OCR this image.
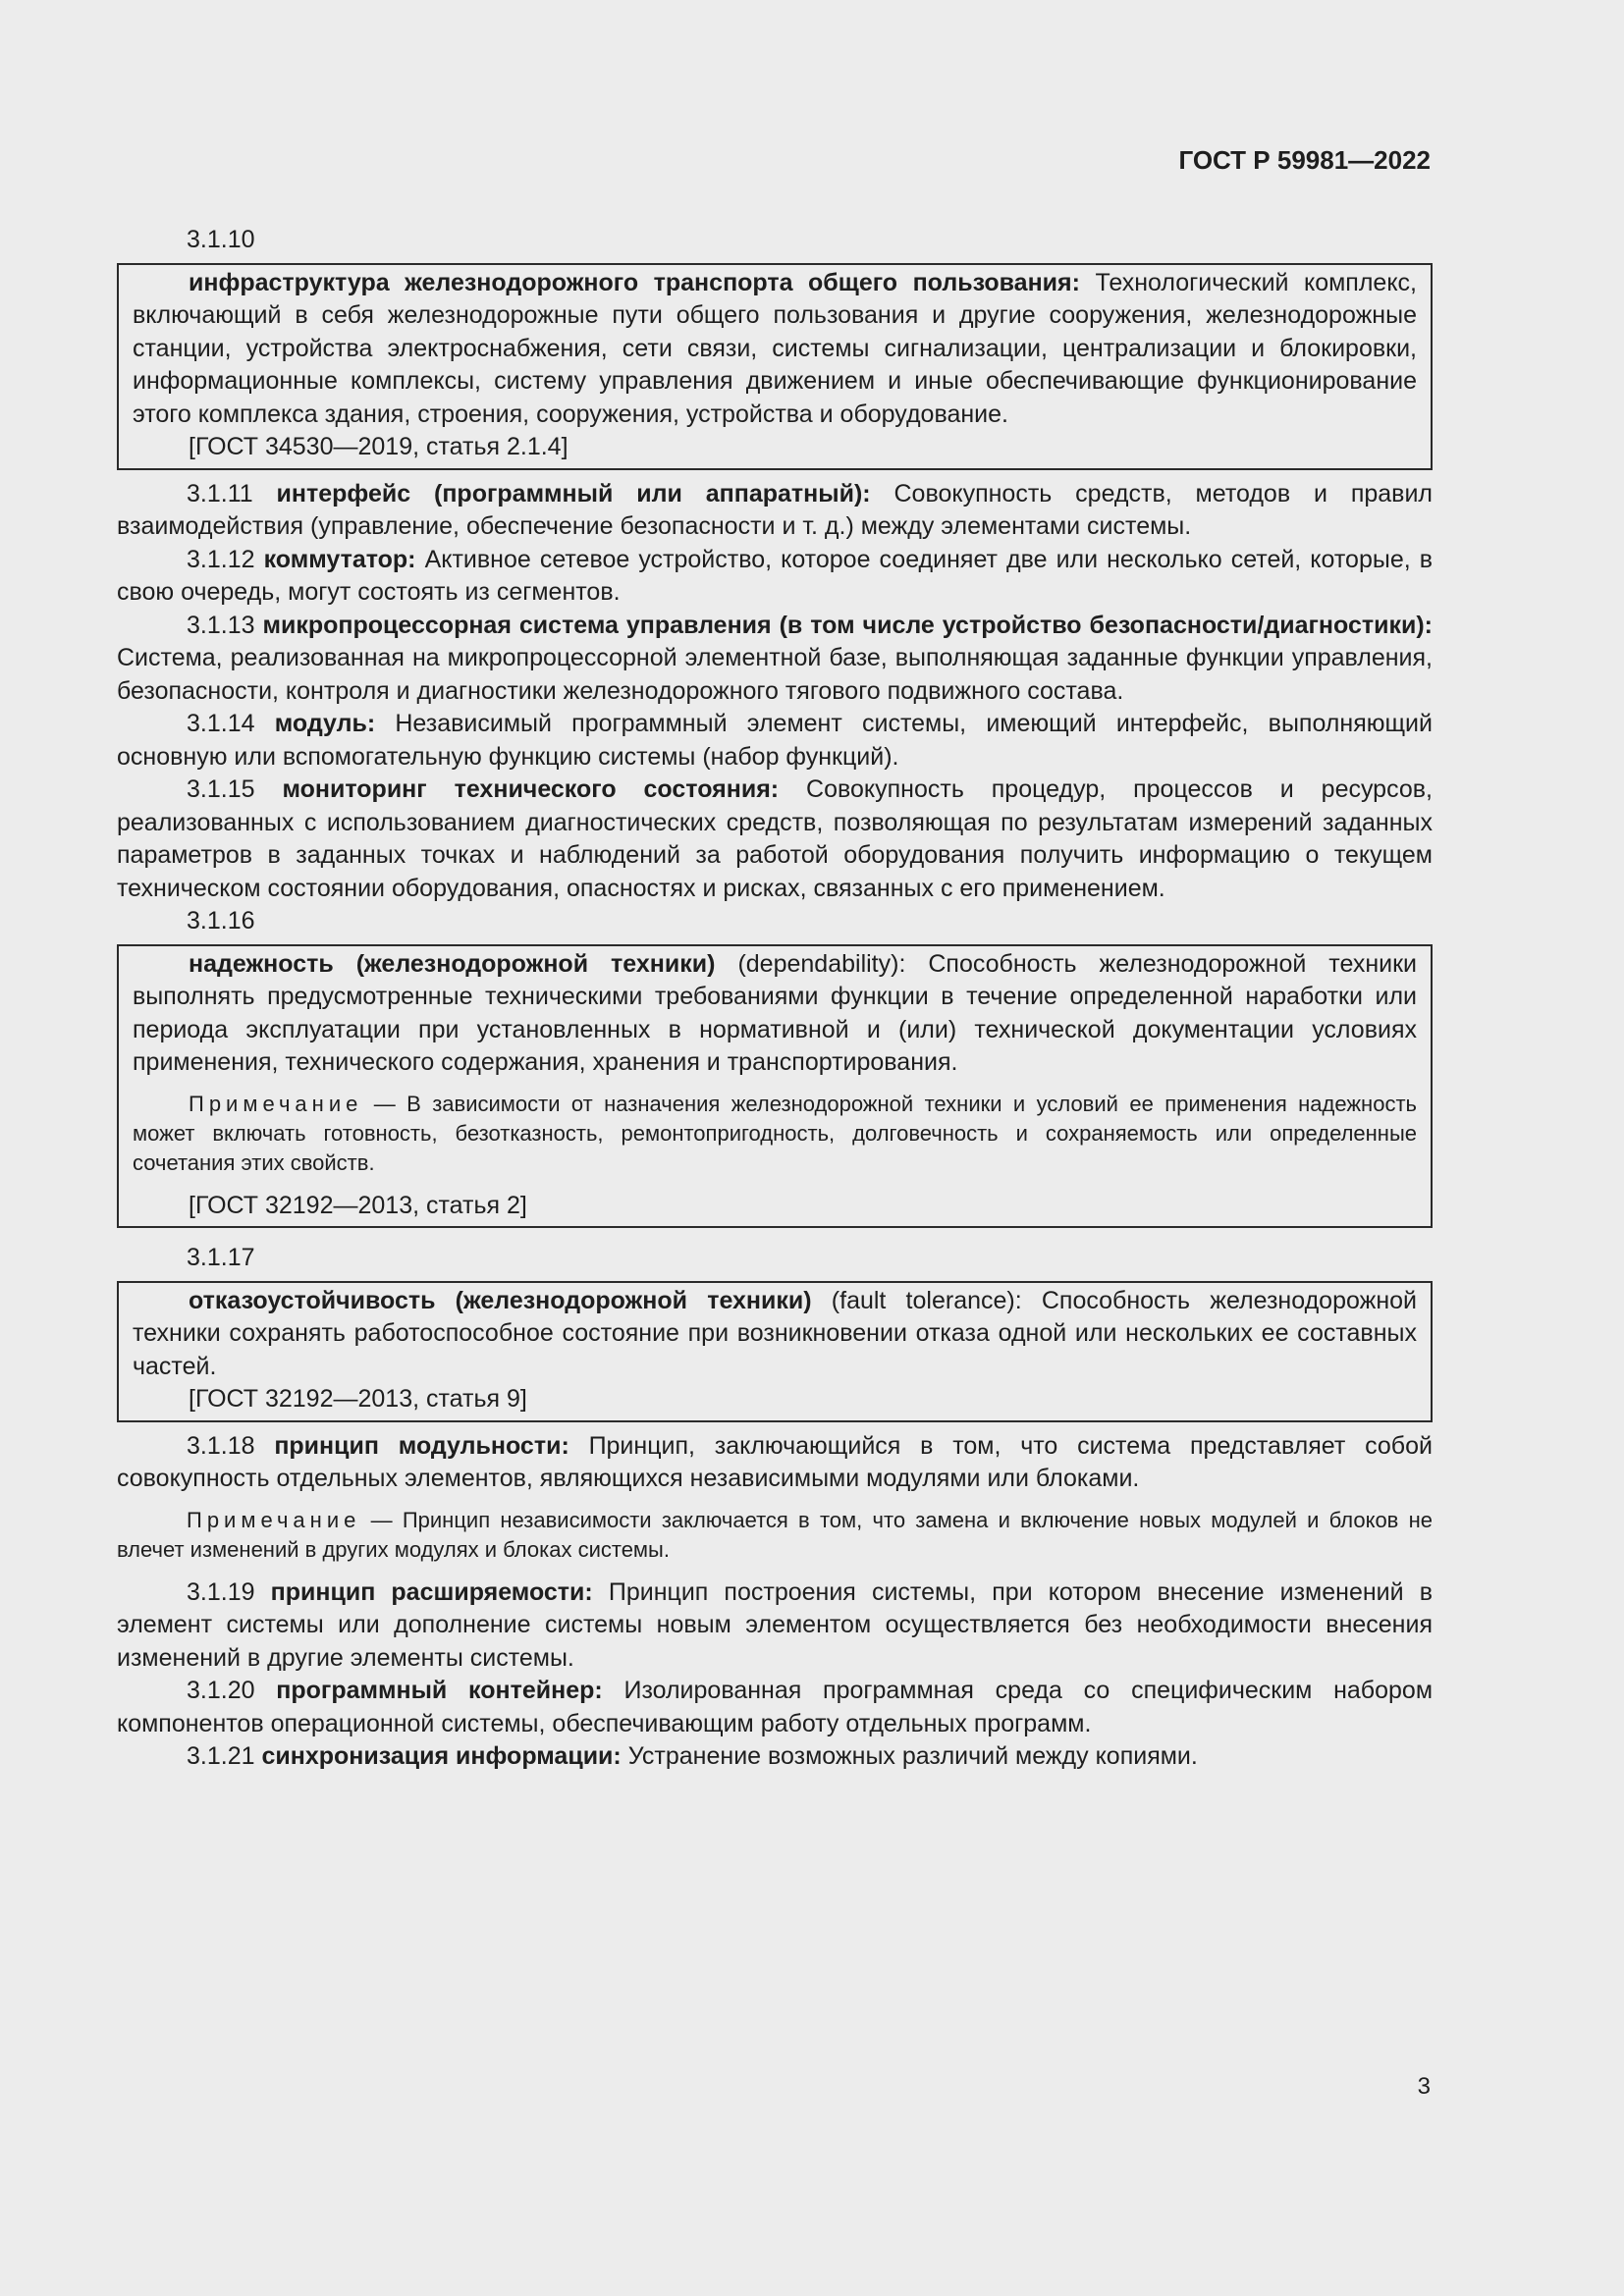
ГОСТ Р 59981—2022

3.1.10

инфраструктура железнодорожного транспорта общего пользования: Технологический комплекс, включающий в себя железнодорожные пути общего пользования и другие сооружения, железнодорожные станции, устройства электроснабжения, сети связи, системы сигнализации, централизации и блокировки, информационные комплексы, систему управления движением и иные обеспечивающие функционирование этого комплекса здания, строения, сооружения, устройства и оборудование.

[ГОСТ 34530—2019, статья 2.1.4]

3.1.11 интерфейс (программный или аппаратный): Совокупность средств, методов и правил взаимодействия (управление, обеспечение безопасности и т. д.) между элементами системы.

3.1.12 коммутатор: Активное сетевое устройство, которое соединяет две или несколько сетей, которые, в свою очередь, могут состоять из сегментов.

3.1.13 микропроцессорная система управления (в том числе устройство безопасности/диагностики): Система, реализованная на микропроцессорной элементной базе, выполняющая заданные функции управления, безопасности, контроля и диагностики железнодорожного тягового подвижного состава.

3.1.14 модуль: Независимый программный элемент системы, имеющий интерфейс, выполняющий основную или вспомогательную функцию системы (набор функций).

3.1.15 мониторинг технического состояния: Совокупность процедур, процессов и ресурсов, реализованных с использованием диагностических средств, позволяющая по результатам измерений заданных параметров в заданных точках и наблюдений за работой оборудования получить информацию о текущем техническом состоянии оборудования, опасностях и рисках, связанных с его применением.

3.1.16

надежность (железнодорожной техники) (dependability): Способность железнодорожной техники выполнять предусмотренные техническими требованиями функции в течение определенной наработки или периода эксплуатации при установленных в нормативной и (или) технической документации условиях применения, технического содержания, хранения и транспортирования.

Примечание — В зависимости от назначения железнодорожной техники и условий ее применения надежность может включать готовность, безотказность, ремонтопригодность, долговечность и сохраняемость или определенные сочетания этих свойств.

[ГОСТ 32192—2013, статья 2]

3.1.17

отказоустойчивость (железнодорожной техники) (fault tolerance): Способность железнодорожной техники сохранять работоспособное состояние при возникновении отказа одной или нескольких ее составных частей.

[ГОСТ 32192—2013, статья 9]

3.1.18 принцип модульности: Принцип, заключающийся в том, что система представляет собой совокупность отдельных элементов, являющихся независимыми модулями или блоками.

Примечание — Принцип независимости заключается в том, что замена и включение новых модулей и блоков не влечет изменений в других модулях и блоках системы.

3.1.19 принцип расширяемости: Принцип построения системы, при котором внесение изменений в элемент системы или дополнение системы новым элементом осуществляется без необходимости внесения изменений в другие элементы системы.

3.1.20 программный контейнер: Изолированная программная среда со специфическим набором компонентов операционной системы, обеспечивающим работу отдельных программ.

3.1.21 синхронизация информации: Устранение возможных различий между копиями.

3
